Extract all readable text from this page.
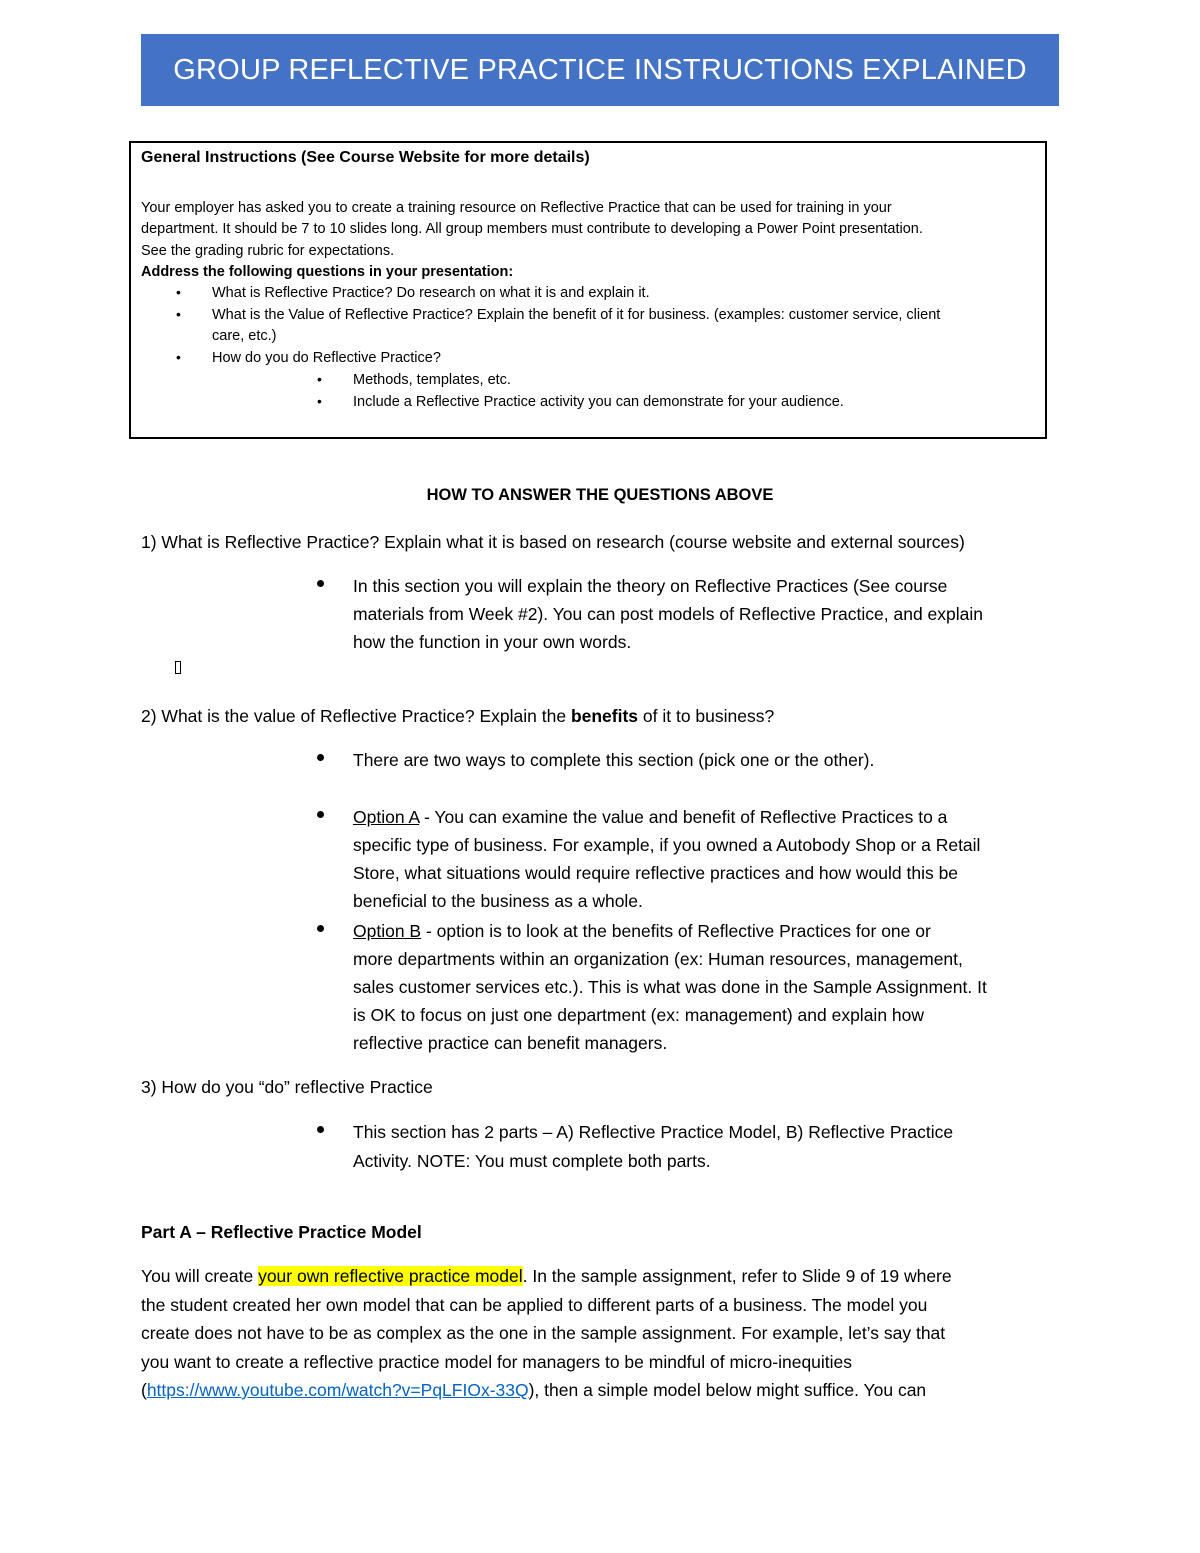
GROUP REFLECTIVE PRACTICE INSTRUCTIONS EXPLAINED
General Instructions (See Course Website for more details)
Your employer has asked you to create a training resource on Reflective Practice that can be used for training in your
department. It should be 7 to 10 slides long. All group members must contribute to developing a Power Point presentation.
See the grading rubric for expectations.
Address the following questions in your presentation:
• What is Reflective Practice? Do research on what it is and explain it.
• What is the Value of Reflective Practice? Explain the benefit of it for business. (examples: customer service, client
care, etc.)
• How do you do Reflective Practice?
• Methods, templates, etc.
• Include a Reflective Practice activity you can demonstrate for your audience.
HOW TO ANSWER THE QUESTIONS ABOVE
1) What is Reflective Practice? Explain what it is based on research (course website and external sources)
In this section you will explain the theory on Reflective Practices (See course
materials from Week #2). You can post models of Reflective Practice, and explain
how the function in your own words.
2) What is the value of Reflective Practice? Explain the benefits of it to business?
There are two ways to complete this section (pick one or the other).
Option A - You can examine the value and benefit of Reflective Practices to a
specific type of business. For example, if you owned a Autobody Shop or a Retail
Store, what situations would require reflective practices and how would this be
beneficial to the business as a whole.
Option B - option is to look at the benefits of Reflective Practices for one or
more departments within an organization (ex: Human resources, management,
sales customer services etc.). This is what was done in the Sample Assignment. It
is OK to focus on just one department (ex: management) and explain how
reflective practice can benefit managers.
3) How do you “do” reflective Practice
This section has 2 parts – A) Reflective Practice Model, B) Reflective Practice
Activity. NOTE: You must complete both parts.
Part A – Reflective Practice Model
You will create your own reflective practice model. In the sample assignment, refer to Slide 9 of 19 where
the student created her own model that can be applied to different parts of a business. The model you
create does not have to be as complex as the one in the sample assignment. For example, let’s say that
you want to create a reflective practice model for managers to be mindful of micro-inequities
(https://www.youtube.com/watch?v=PqLFIOx-33Q), then a simple model below might suffice. You can
